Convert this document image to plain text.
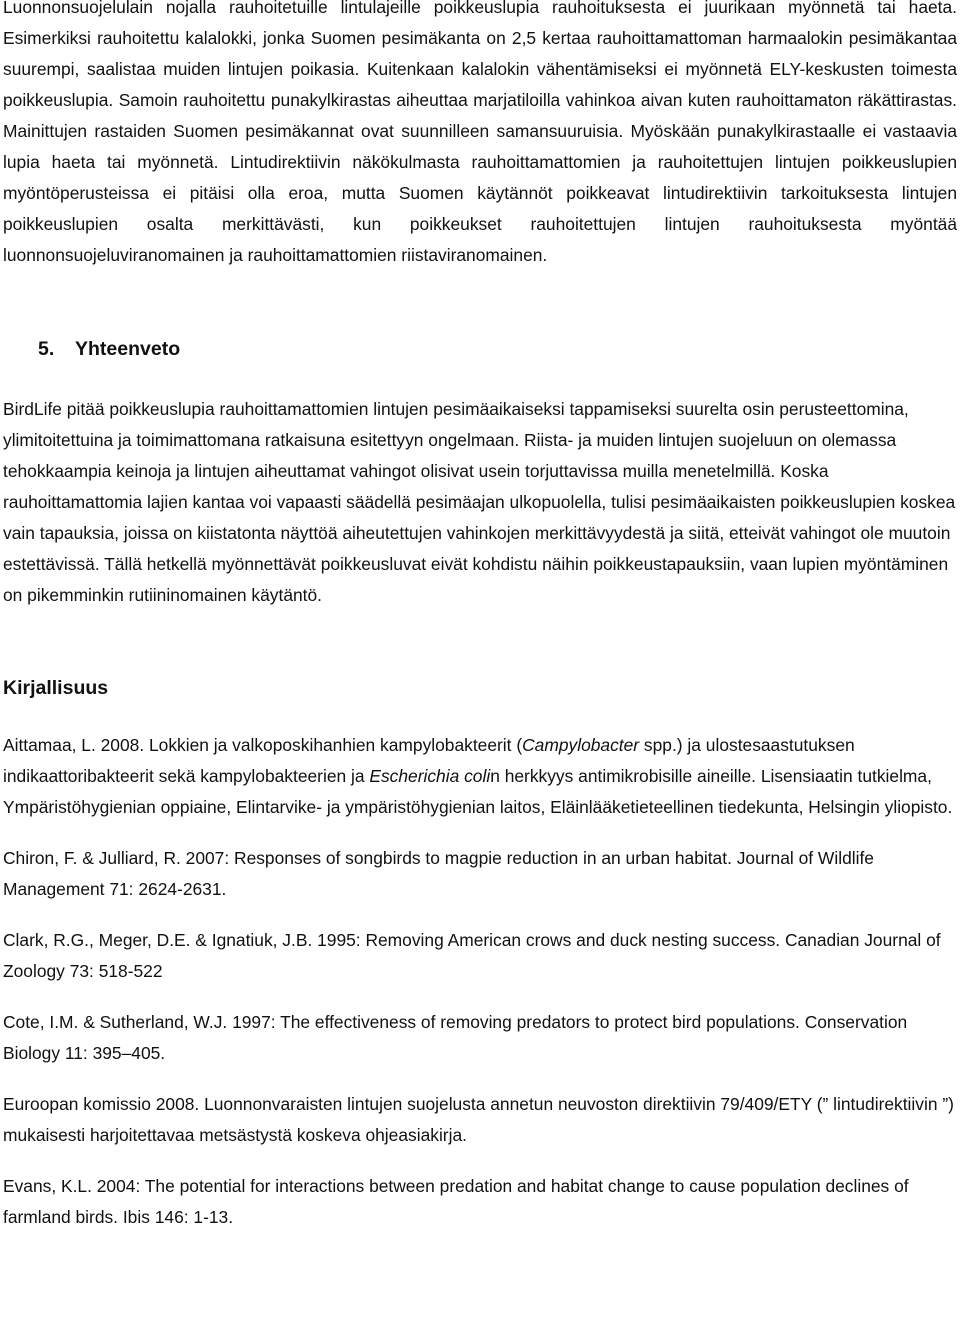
Luonnonsuojelulain nojalla rauhoitetuille lintulajeille poikkeuslupia rauhoituksesta ei juurikaan myönnetä tai haeta. Esimerkiksi rauhoitettu kalalokki, jonka Suomen pesimäkanta on 2,5 kertaa rauhoittamattoman harmaalokin pesimäkantaa suurempi, saalistaa muiden lintujen poikasia. Kuitenkaan kalalokin vähentämiseksi ei myönnetä ELY-keskusten toimesta poikkeuslupia. Samoin rauhoitettu punakylkirastas aiheuttaa marjatiloilla vahinkoa aivan kuten rauhoittamaton räkättirastas. Mainittujen rastaiden Suomen pesimäkannat ovat suunnilleen samansuuruisia. Myöskään punakylkirastaalle ei vastaavia lupia haeta tai myönnetä. Lintudirektiivin näkökulmasta rauhoittamattomien ja rauhoitettujen lintujen poikkeuslupien myöntöperusteissa ei pitäisi olla eroa, mutta Suomen käytännöt poikkeavat lintudirektiivin tarkoituksesta lintujen poikkeuslupien osalta merkittävästi, kun poikkeukset rauhoitettujen lintujen rauhoituksesta myöntää luonnonsuojeluviranomainen ja rauhoittamattomien riistaviranomainen.

5. Yhteenveto

BirdLife pitää poikkeuslupia rauhoittamattomien lintujen pesimäaikaiseksi tappamiseksi suurelta osin perusteettomina, ylimitoitettuina ja toimimattomana ratkaisuna esitettyyn ongelmaan. Riista- ja muiden lintujen suojeluun on olemassa tehokkaampia keinoja ja lintujen aiheuttamat vahingot olisivat usein torjuttavissa muilla menetelmillä. Koska rauhoittamattomia lajien kantaa voi vapaasti säädellä pesimäajan ulkopuolella, tulisi pesimäaikaisten poikkeuslupien koskea vain tapauksia, joissa on kiistatonta näyttöä aiheutettujen vahinkojen merkittävyydestä ja siitä, etteivät vahingot ole muutoin estettävissä. Tällä hetkellä myönnettävät poikkeusluvat eivät kohdistu näihin poikkeustapauksiin, vaan lupien myöntäminen on pikemminkin rutiininomainen käytäntö.

Kirjallisuus

Aittamaa, L. 2008. Lokkien ja valkoposkihanhien kampylobakteerit (Campylobacter spp.) ja ulostesaastutuksen indikaattoribakteerit sekä kampylobakteerien ja Escherichia colin herkkyys antimikrobisille aineille. Lisensiaatin tutkielma, Ympäristöhygienian oppiaine, Elintarvike- ja ympäristöhygienian laitos, Eläinlääketieteellinen tiedekunta, Helsingin yliopisto.

Chiron, F. & Julliard, R. 2007: Responses of songbirds to magpie reduction in an urban habitat. Journal of Wildlife Management 71: 2624-2631.

Clark, R.G., Meger, D.E. & Ignatiuk, J.B. 1995: Removing American crows and duck nesting success. Canadian Journal of Zoology 73: 518-522

Cote, I.M. & Sutherland, W.J. 1997: The effectiveness of removing predators to protect bird populations. Conservation Biology 11: 395–405.

Euroopan komissio 2008. Luonnonvaraisten lintujen suojelusta annetun neuvoston direktiivin 79/409/ETY (” lintudirektiivin ”) mukaisesti harjoitettavaa metsästystä koskeva ohjeasiakirja.

Evans, K.L. 2004: The potential for interactions between predation and habitat change to cause population declines of farmland birds. Ibis 146: 1-13.
